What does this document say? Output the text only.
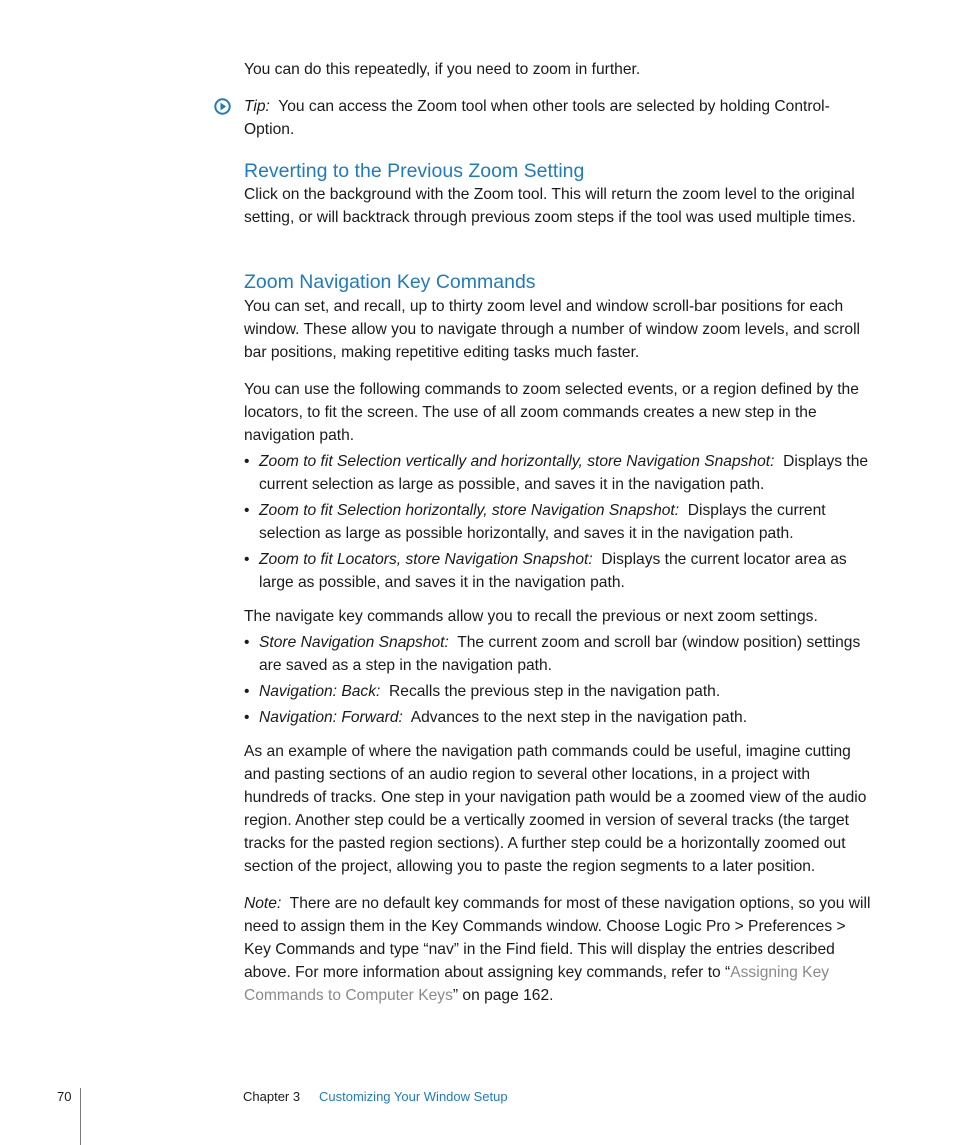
You can do this repeatedly, if you need to zoom in further.

Tip: You can access the Zoom tool when other tools are selected by holding Control-Option.
Reverting to the Previous Zoom Setting

Click on the background with the Zoom tool. This will return the zoom level to the original setting, or will backtrack through previous zoom steps if the tool was used multiple times.

Zoom Navigation Key Commands

You can set, and recall, up to thirty zoom level and window scroll-bar positions for each window. These allow you to navigate through a number of window zoom levels, and scroll bar positions, making repetitive editing tasks much faster.

You can use the following commands to zoom selected events, or a region defined by the locators, to fit the screen. The use of all zoom commands creates a new step in the navigation path.

• Zoom to fit Selection vertically and horizontally, store Navigation Snapshot: Displays the current selection as large as possible, and saves it in the navigation path.
• Zoom to fit Selection horizontally, store Navigation Snapshot: Displays the current selection as large as possible horizontally, and saves it in the navigation path.
• Zoom to fit Locators, store Navigation Snapshot: Displays the current locator area as large as possible, and saves it in the navigation path.

The navigate key commands allow you to recall the previous or next zoom settings.

• Store Navigation Snapshot: The current zoom and scroll bar (window position) settings are saved as a step in the navigation path.
• Navigation: Back: Recalls the previous step in the navigation path.
• Navigation: Forward: Advances to the next step in the navigation path.

As an example of where the navigation path commands could be useful, imagine cutting and pasting sections of an audio region to several other locations, in a project with hundreds of tracks. One step in your navigation path would be a zoomed view of the audio region. Another step could be a vertically zoomed in version of several tracks (the target tracks for the pasted region sections). A further step could be a horizontally zoomed out section of the project, allowing you to paste the region segments to a later position.

Note: There are no default key commands for most of these navigation options, so you will need to assign them in the Key Commands window. Choose Logic Pro > Preferences > Key Commands and type “nav” in the Find field. This will display the entries described above. For more information about assigning key commands, refer to “Assigning Key Commands to Computer Keys” on page 162.

70	Chapter 3 Customizing Your Window Setup
